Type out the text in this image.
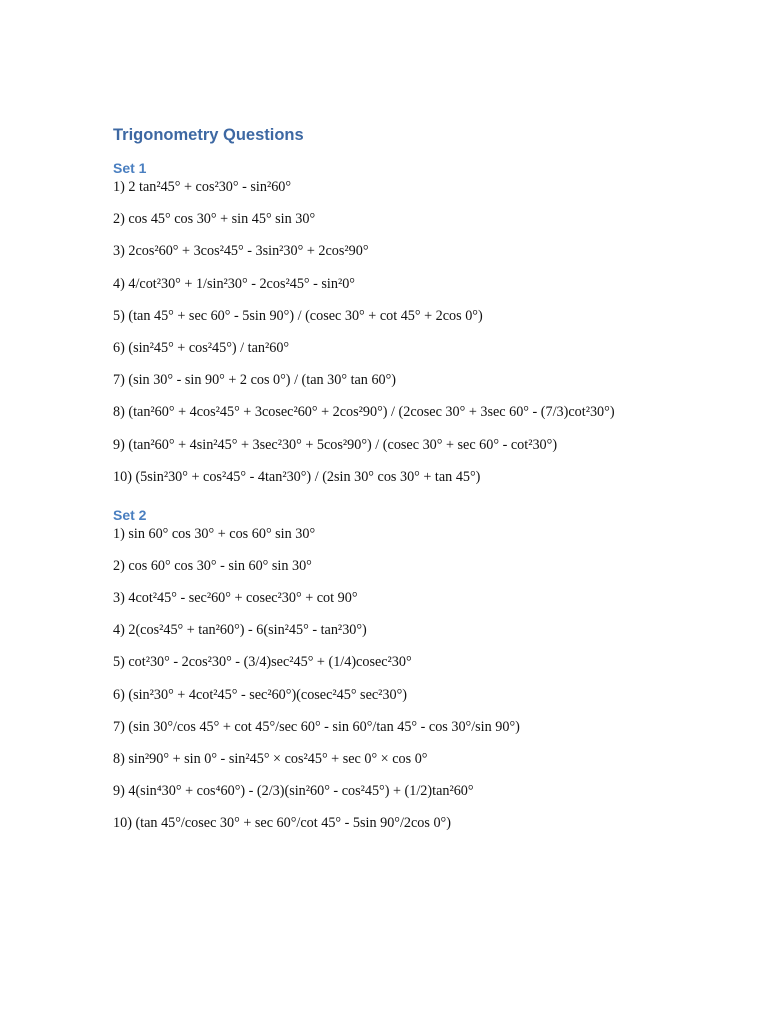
Trigonometry Questions
Set 1

1) 2 tan²45° + cos²30° - sin²60°

2) cos 45° cos 30° + sin 45° sin 30°

3) 2cos²60° + 3cos²45° - 3sin²30° + 2cos²90°

4) 4/cot²30° + 1/sin²30° - 2cos²45° - sin²0°

5) (tan 45° + sec 60° - 5sin 90°) / (cosec 30° + cot 45° + 2cos 0°)

6) (sin²45° + cos²45°) / tan²60°

7) (sin 30° - sin 90° + 2 cos 0°) / (tan 30° tan 60°)

8) (tan²60° + 4cos²45° + 3cosec²60° + 2cos²90°) / (2cosec 30° + 3sec 60° - (7/3)cot²30°)

9) (tan²60° + 4sin²45° + 3sec²30° + 5cos²90°) / (cosec 30° + sec 60° - cot²30°)

10) (5sin²30° + cos²45° - 4tan²30°) / (2sin 30° cos 30° + tan 45°)

Set 2

1) sin 60° cos 30° + cos 60° sin 30°

2) cos 60° cos 30° - sin 60° sin 30°

3) 4cot²45° - sec²60° + cosec²30° + cot 90°

4) 2(cos²45° + tan²60°) - 6(sin²45° - tan²30°)

5) cot²30° - 2cos²30° - (3/4)sec²45° + (1/4)cosec²30°

6) (sin²30° + 4cot²45° - sec²60°)(cosec²45° sec²30°)

7) (sin 30°/cos 45° + cot 45°/sec 60° - sin 60°/tan 45° - cos 30°/sin 90°)

8) sin²90° + sin 0° - sin²45° × cos²45° + sec 0° × cos 0°

9) 4(sin⁴30° + cos⁴60°) - (2/3)(sin²60° - cos²45°) + (1/2)tan²60°

10) (tan 45°/cosec 30° + sec 60°/cot 45° - 5sin 90°/2cos 0°)
